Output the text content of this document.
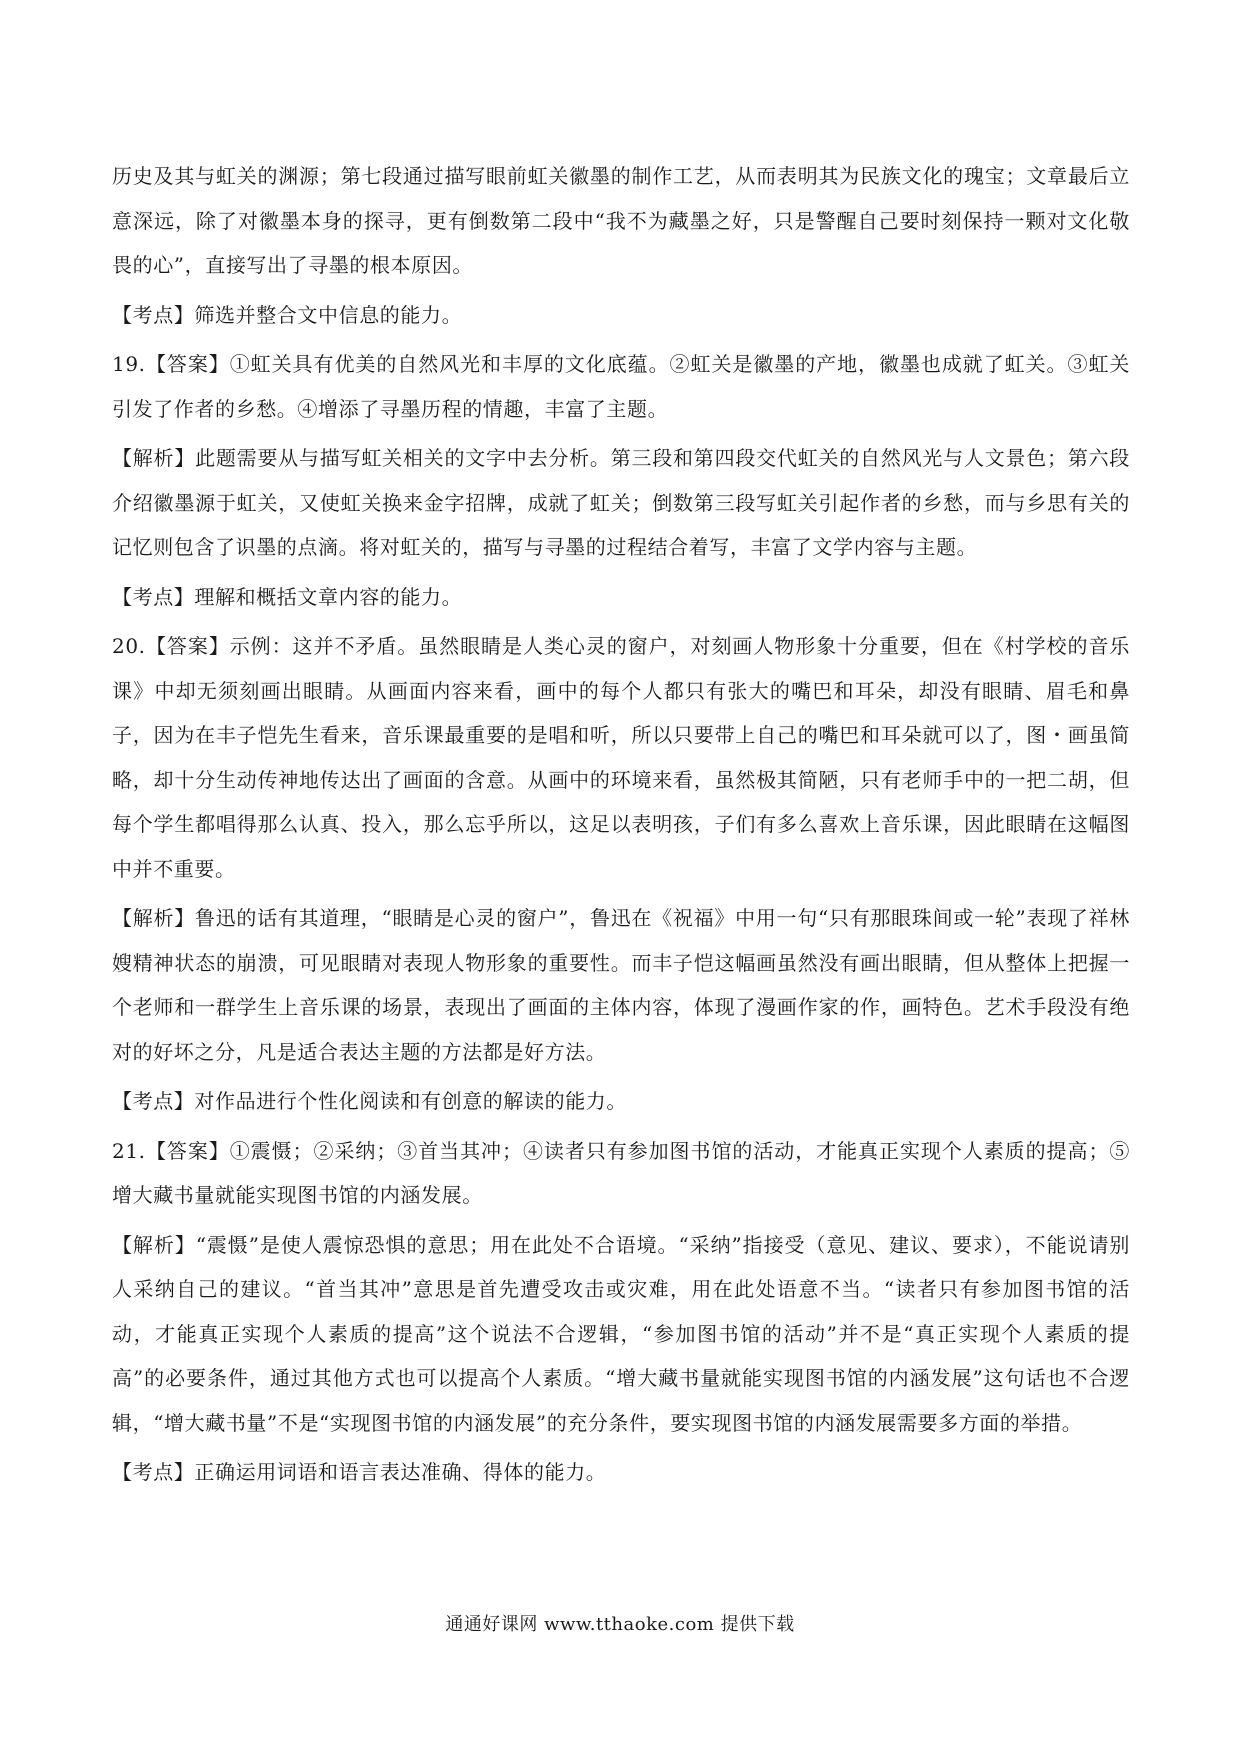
历史及其与虹关的渊源；第七段通过描写眼前虹关徽墨的制作工艺，从而表明其为民族文化的瑰宝；文章最后立意深远，除了对徽墨本身的探寻，更有倒数第二段中“我不为藏墨之好，只是警醒自己要时刻保持一颗对文化敬畏的心”，直接写出了寻墨的根本原因。

【考点】筛选并整合文中信息的能力。

19.【答案】①虹关具有优美的自然风光和丰厚的文化底蕴。②虹关是徽墨的产地，徽墨也成就了虹关。③虹关引发了作者的乡愁。④增添了寻墨历程的情趣，丰富了主题。

【解析】此题需要从与描写虹关相关的文字中去分析。第三段和第四段交代虹关的自然风光与人文景色；第六段介绍徽墨源于虹关，又使虹关换来金字招牌，成就了虹关；倒数第三段写虹关引起作者的乡愁，而与乡思有关的记忆则包含了识墨的点滴。将对虹关的，描写与寻墨的过程结合着写，丰富了文学内容与主题。

【考点】理解和概括文章内容的能力。

20.【答案】示例：这并不矛盾。虽然眼睛是人类心灵的窗户，对刻画人物形象十分重要，但在《村学校的音乐课》中却无须刻画出眼睛。从画面内容来看，画中的每个人都只有张大的嘴巴和耳朵，却没有眼睛、眉毛和鼻子，因为在丰子恺先生看来，音乐课最重要的是唱和听，所以只要带上自己的嘴巴和耳朵就可以了，图・画虽简略，却十分生动传神地传达出了画面的含意。从画中的环境来看，虽然极其简陋，只有老师手中的一把二胡，但每个学生都唱得那么认真、投入，那么忘乎所以，这足以表明孩，子们有多么喜欢上音乐课，因此眼睛在这幅图中并不重要。

【解析】鲁迅的话有其道理，“眼睛是心灵的窗户”，鲁迅在《祝福》中用一句“只有那眼珠间或一轮”表现了祥林嫂精神状态的崩溃，可见眼睛对表现人物形象的重要性。而丰子恺这幅画虽然没有画出眼睛，但从整体上把握一个老师和一群学生上音乐课的场景，表现出了画面的主体内容，体现了漫画作家的作，画特色。艺术手段没有绝对的好坏之分，凡是适合表达主题的方法都是好方法。

【考点】对作品进行个性化阅读和有创意的解读的能力。

21.【答案】①震慑；②采纳；③首当其冲；④读者只有参加图书馆的活动，才能真正实现个人素质的提高；⑤增大藏书量就能实现图书馆的内涵发展。

【解析】“震慑”是使人震惊恐惧的意思；用在此处不合语境。“采纳”指接受（意见、建议、要求），不能说请别人采纳自己的建议。“首当其冲”意思是首先遭受攻击或灾难，用在此处语意不当。“读者只有参加图书馆的活动，才能真正实现个人素质的提高”这个说法不合逻辑，“参加图书馆的活动”并不是“真正实现个人素质的提高”的必要条件，通过其他方式也可以提高个人素质。“增大藏书量就能实现图书馆的内涵发展”这句话也不合逻辑，“增大藏书量”不是“实现图书馆的内涵发展”的充分条件，要实现图书馆的内涵发展需要多方面的举措。

【考点】正确运用词语和语言表达准确、得体的能力。

通通好课网 www.tthaoke.com 提供下载
